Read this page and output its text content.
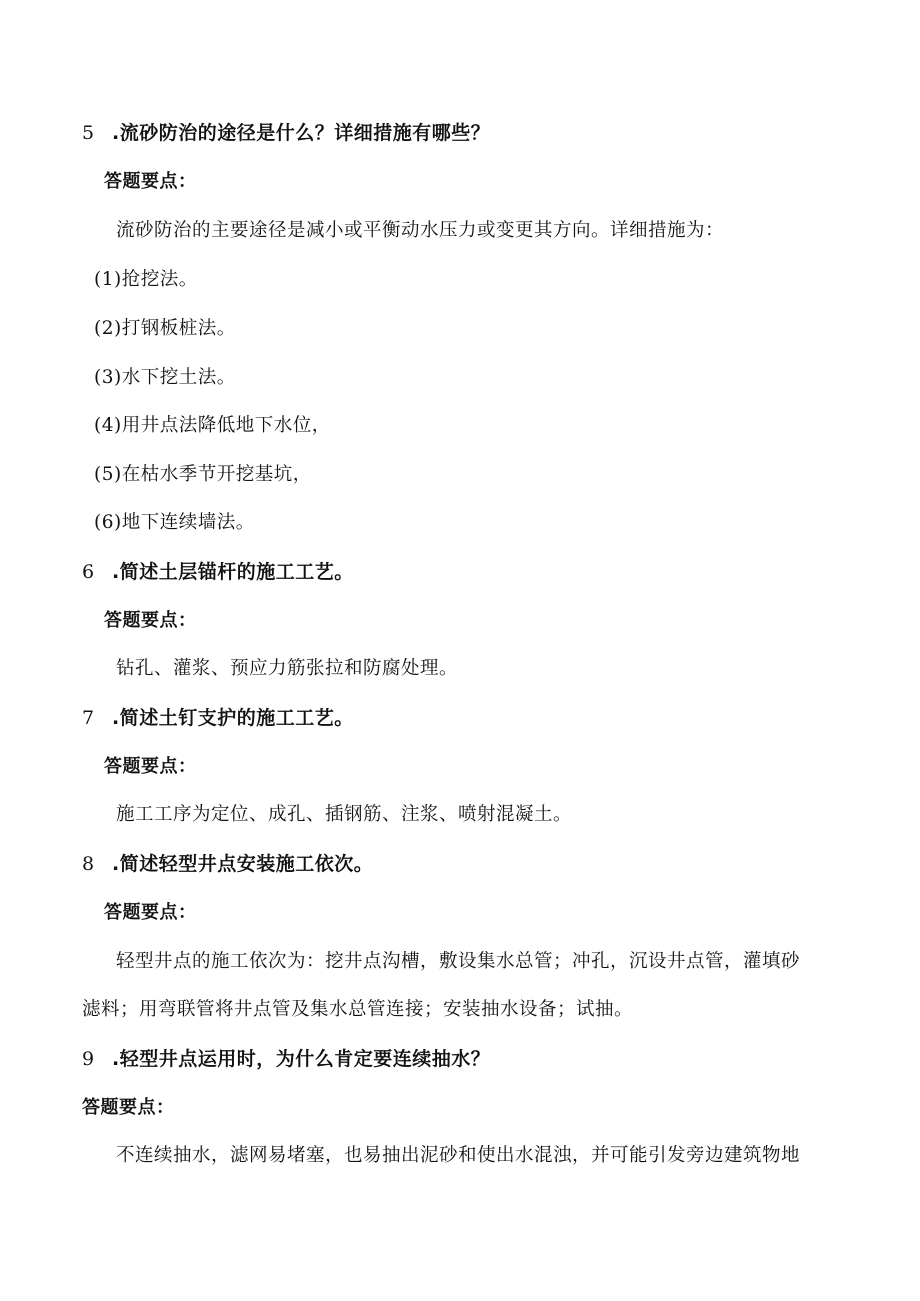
5 .流砂防治的途径是什么？详细措施有哪些？
答题要点：
流砂防治的主要途径是减小或平衡动水压力或变更其方向。详细措施为：
(1)抢挖法。
(2)打钢板桩法。
(3)水下挖土法。
(4)用井点法降低地下水位，
(5)在枯水季节开挖基坑，
(6)地下连续墙法。
6 .简述土层锚杆的施工工艺。
答题要点：
钻孔、灌浆、预应力筋张拉和防腐处理。
7 .简述土钉支护的施工工艺。
答题要点：
施工工序为定位、成孔、插钢筋、注浆、喷射混凝土。
8 .简述轻型井点安装施工依次。
答题要点：
轻型井点的施工依次为：挖井点沟槽，敷设集水总管；冲孔，沉设井点管，灌填砂
滤料；用弯联管将井点管及集水总管连接；安装抽水设备；试抽。
9 .轻型井点运用时，为什么肯定要连续抽水？
答题要点：
不连续抽水，滤网易堵塞，也易抽出泥砂和使出水混浊，并可能引发旁边建筑物地
